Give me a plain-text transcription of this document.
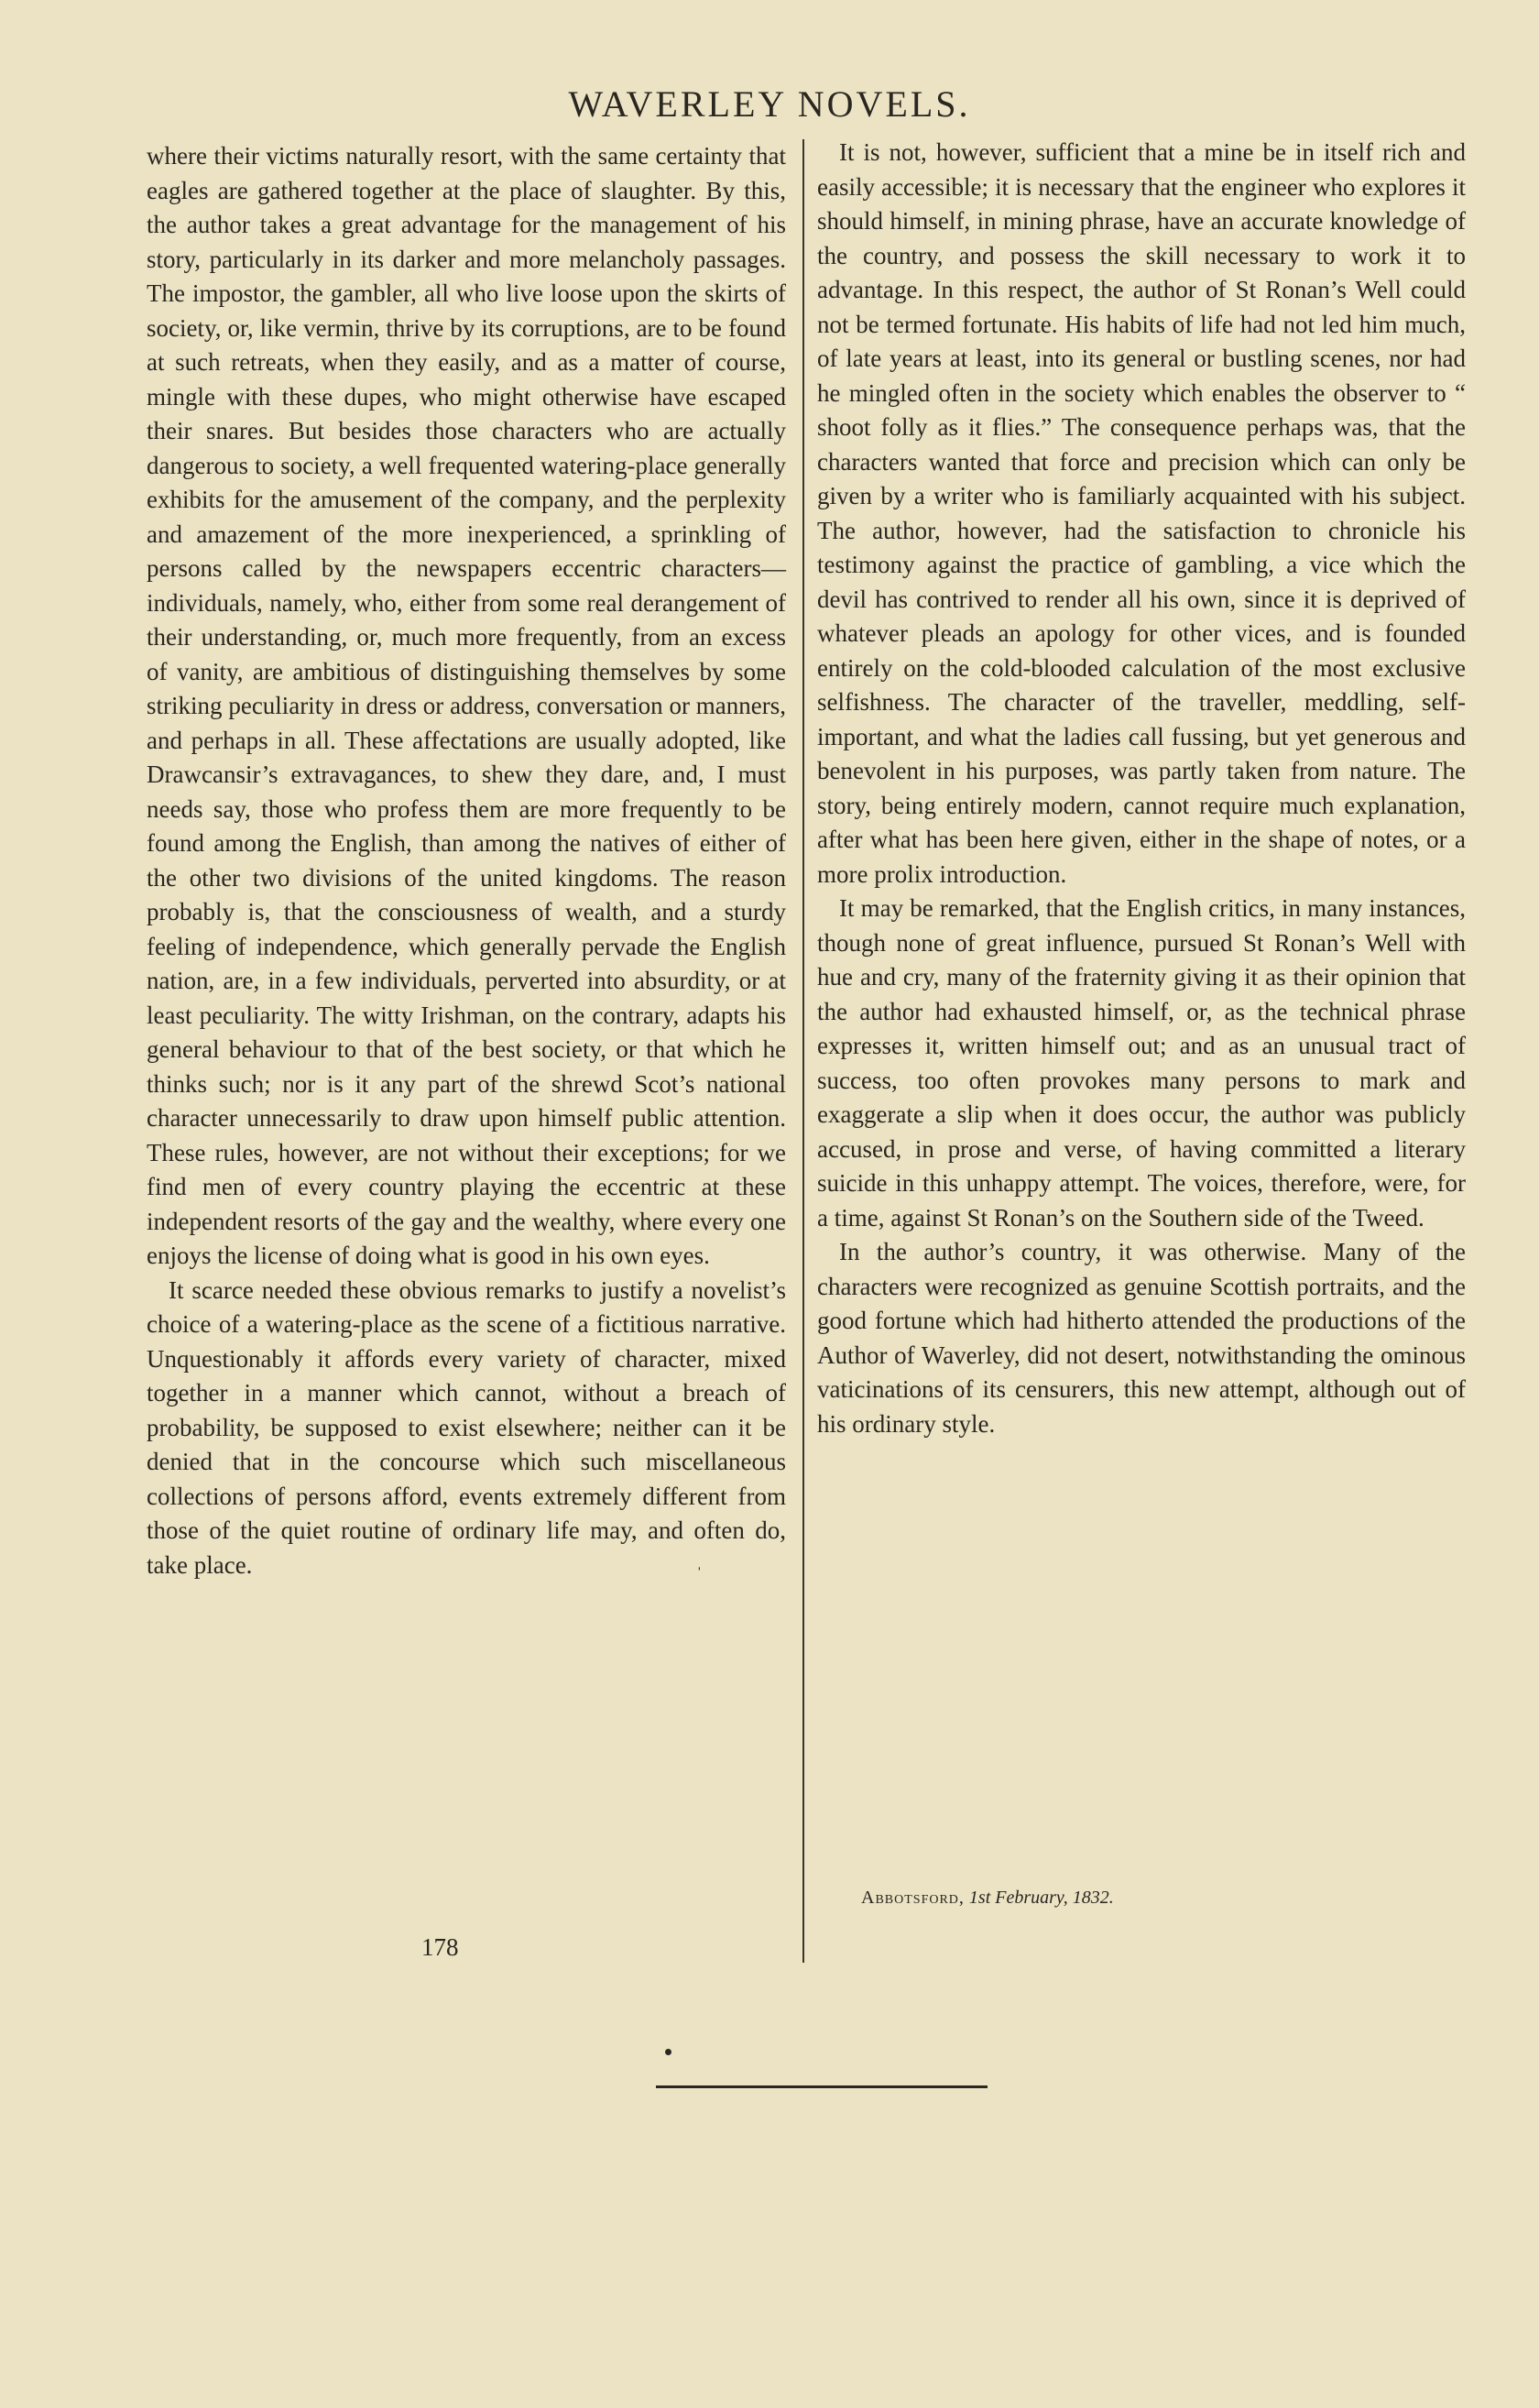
WAVERLEY NOVELS.

where their victims naturally resort, with the same certainty that eagles are gathered together at the place of slaughter. By this, the author takes a great advantage for the management of his story, particularly in its darker and more melancholy passages. The impostor, the gambler, all who live loose upon the skirts of society, or, like vermin, thrive by its corruptions, are to be found at such retreats, when they easily, and as a matter of course, mingle with these dupes, who might otherwise have escaped their snares. But besides those characters who are actually dangerous to society, a well frequented watering-place generally exhibits for the amusement of the company, and the perplexity and amazement of the more inexperienced, a sprinkling of persons called by the newspapers eccentric characters—individuals, namely, who, either from some real derangement of their understanding, or, much more frequently, from an excess of vanity, are ambitious of distinguishing themselves by some striking peculiarity in dress or address, conversation or manners, and perhaps in all. These affectations are usually adopted, like Drawcansir’s extravagances, to shew they dare, and, I must needs say, those who profess them are more frequently to be found among the English, than among the natives of either of the other two divisions of the united kingdoms. The reason probably is, that the consciousness of wealth, and a sturdy feeling of independence, which generally pervade the English nation, are, in a few individuals, perverted into absurdity, or at least peculiarity. The witty Irishman, on the contrary, adapts his general behaviour to that of the best society, or that which he thinks such; nor is it any part of the shrewd Scot’s national character unnecessarily to draw upon himself public attention. These rules, however, are not without their exceptions; for we find men of every country playing the eccentric at these independent resorts of the gay and the wealthy, where every one enjoys the license of doing what is good in his own eyes.

It scarce needed these obvious remarks to justify a novelist’s choice of a watering-place as the scene of a fictitious narrative. Unquestionably it affords every variety of character, mixed together in a manner which cannot, without a breach of probability, be supposed to exist elsewhere; neither can it be denied that in the concourse which such miscellaneous collections of persons afford, events extremely different from those of the quiet routine of ordinary life may, and often do, take place.

It is not, however, sufficient that a mine be in itself rich and easily accessible; it is necessary that the engineer who explores it should himself, in mining phrase, have an accurate knowledge of the country, and possess the skill necessary to work it to advantage. In this respect, the author of St Ronan’s Well could not be termed fortunate. His habits of life had not led him much, of late years at least, into its general or bustling scenes, nor had he mingled often in the society which enables the observer to “ shoot folly as it flies.” The consequence perhaps was, that the characters wanted that force and precision which can only be given by a writer who is familiarly acquainted with his subject. The author, however, had the satisfaction to chronicle his testimony against the practice of gambling, a vice which the devil has contrived to render all his own, since it is deprived of whatever pleads an apology for other vices, and is founded entirely on the cold-blooded calculation of the most exclusive selfishness. The character of the traveller, meddling, self-important, and what the ladies call fussing, but yet generous and benevolent in his purposes, was partly taken from nature. The story, being entirely modern, cannot require much explanation, after what has been here given, either in the shape of notes, or a more prolix introduction.

It may be remarked, that the English critics, in many instances, though none of great influence, pursued St Ronan’s Well with hue and cry, many of the fraternity giving it as their opinion that the author had exhausted himself, or, as the technical phrase expresses it, written himself out; and as an unusual tract of success, too often provokes many persons to mark and exaggerate a slip when it does occur, the author was publicly accused, in prose and verse, of having committed a literary suicide in this unhappy attempt. The voices, therefore, were, for a time, against St Ronan’s on the Southern side of the Tweed.

In the author’s country, it was otherwise. Many of the characters were recognized as genuine Scottish portraits, and the good fortune which had hitherto attended the productions of the Author of Waverley, did not desert, notwithstanding the ominous vaticinations of its censurers, this new attempt, although out of his ordinary style.

ˌ
Abbotsford, 1st February, 1832.
178
